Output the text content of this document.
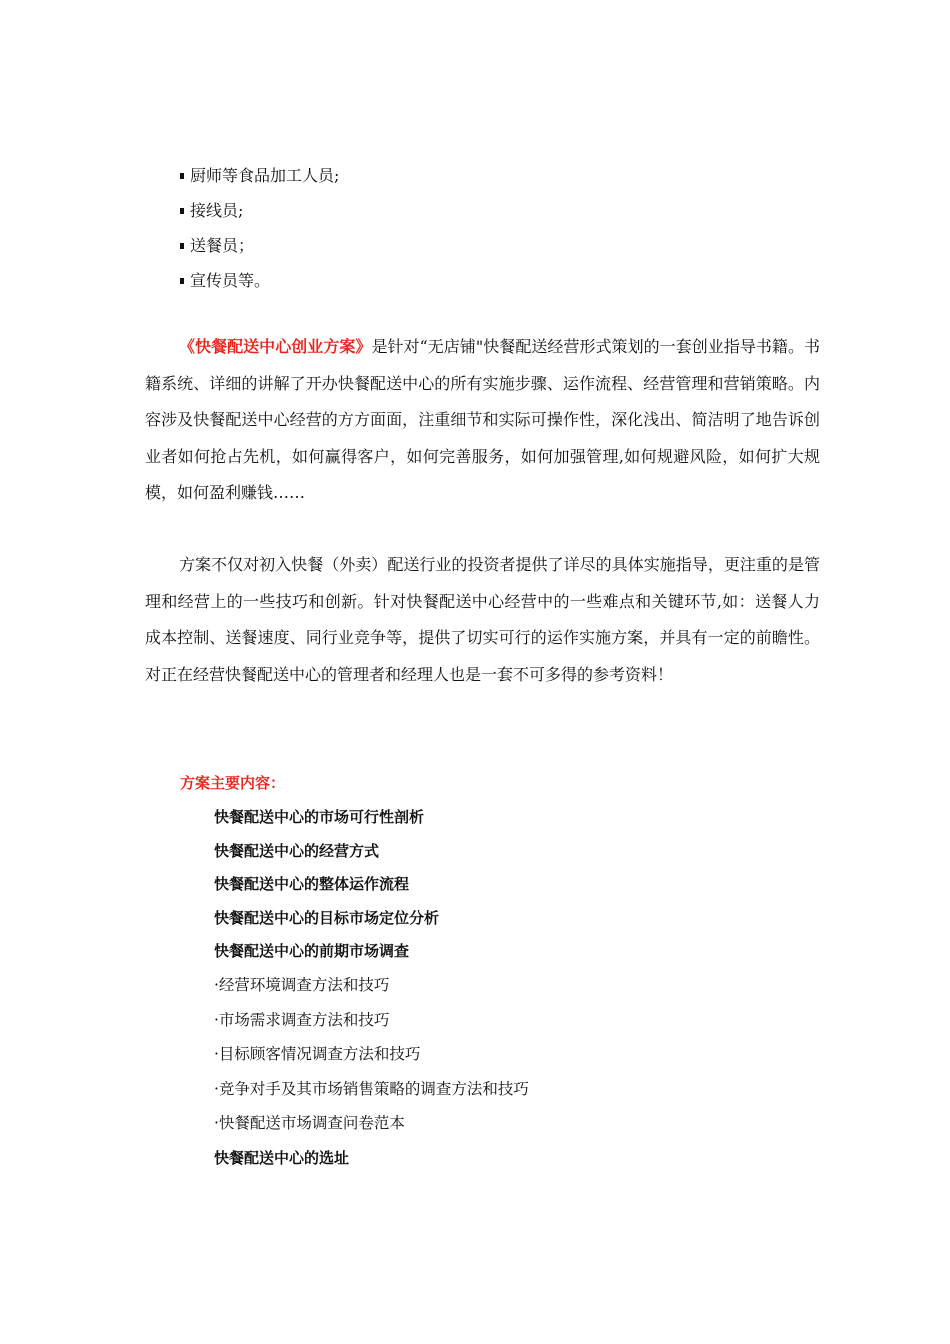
厨师等食品加工人员;
接线员;
送餐员；
宣传员等。

《快餐配送中心创业方案》是针对“无店铺"快餐配送经营形式策划的一套创业指导书籍。书籍系统、详细的讲解了开办快餐配送中心的所有实施步骤、运作流程、经营管理和营销策略。内容涉及快餐配送中心经营的方方面面，注重细节和实际可操作性，深化浅出、简洁明了地告诉创业者如何抢占先机，如何赢得客户，如何完善服务，如何加强管理,如何规避风险，如何扩大规模，如何盈利赚钱……

方案不仅对初入快餐（外卖）配送行业的投资者提供了详尽的具体实施指导，更注重的是管理和经营上的一些技巧和创新。针对快餐配送中心经营中的一些难点和关键环节,如：送餐人力成本控制、送餐速度、同行业竞争等，提供了切实可行的运作实施方案，并具有一定的前瞻性。对正在经营快餐配送中心的管理者和经理人也是一套不可多得的参考资料！

方案主要内容：
快餐配送中心的市场可行性剖析
快餐配送中心的经营方式
快餐配送中心的整体运作流程
快餐配送中心的目标市场定位分析
快餐配送中心的前期市场调查
·经营环境调查方法和技巧
·市场需求调查方法和技巧
·目标顾客情况调查方法和技巧
·竞争对手及其市场销售策略的调查方法和技巧
·快餐配送市场调查问卷范本
快餐配送中心的选址
